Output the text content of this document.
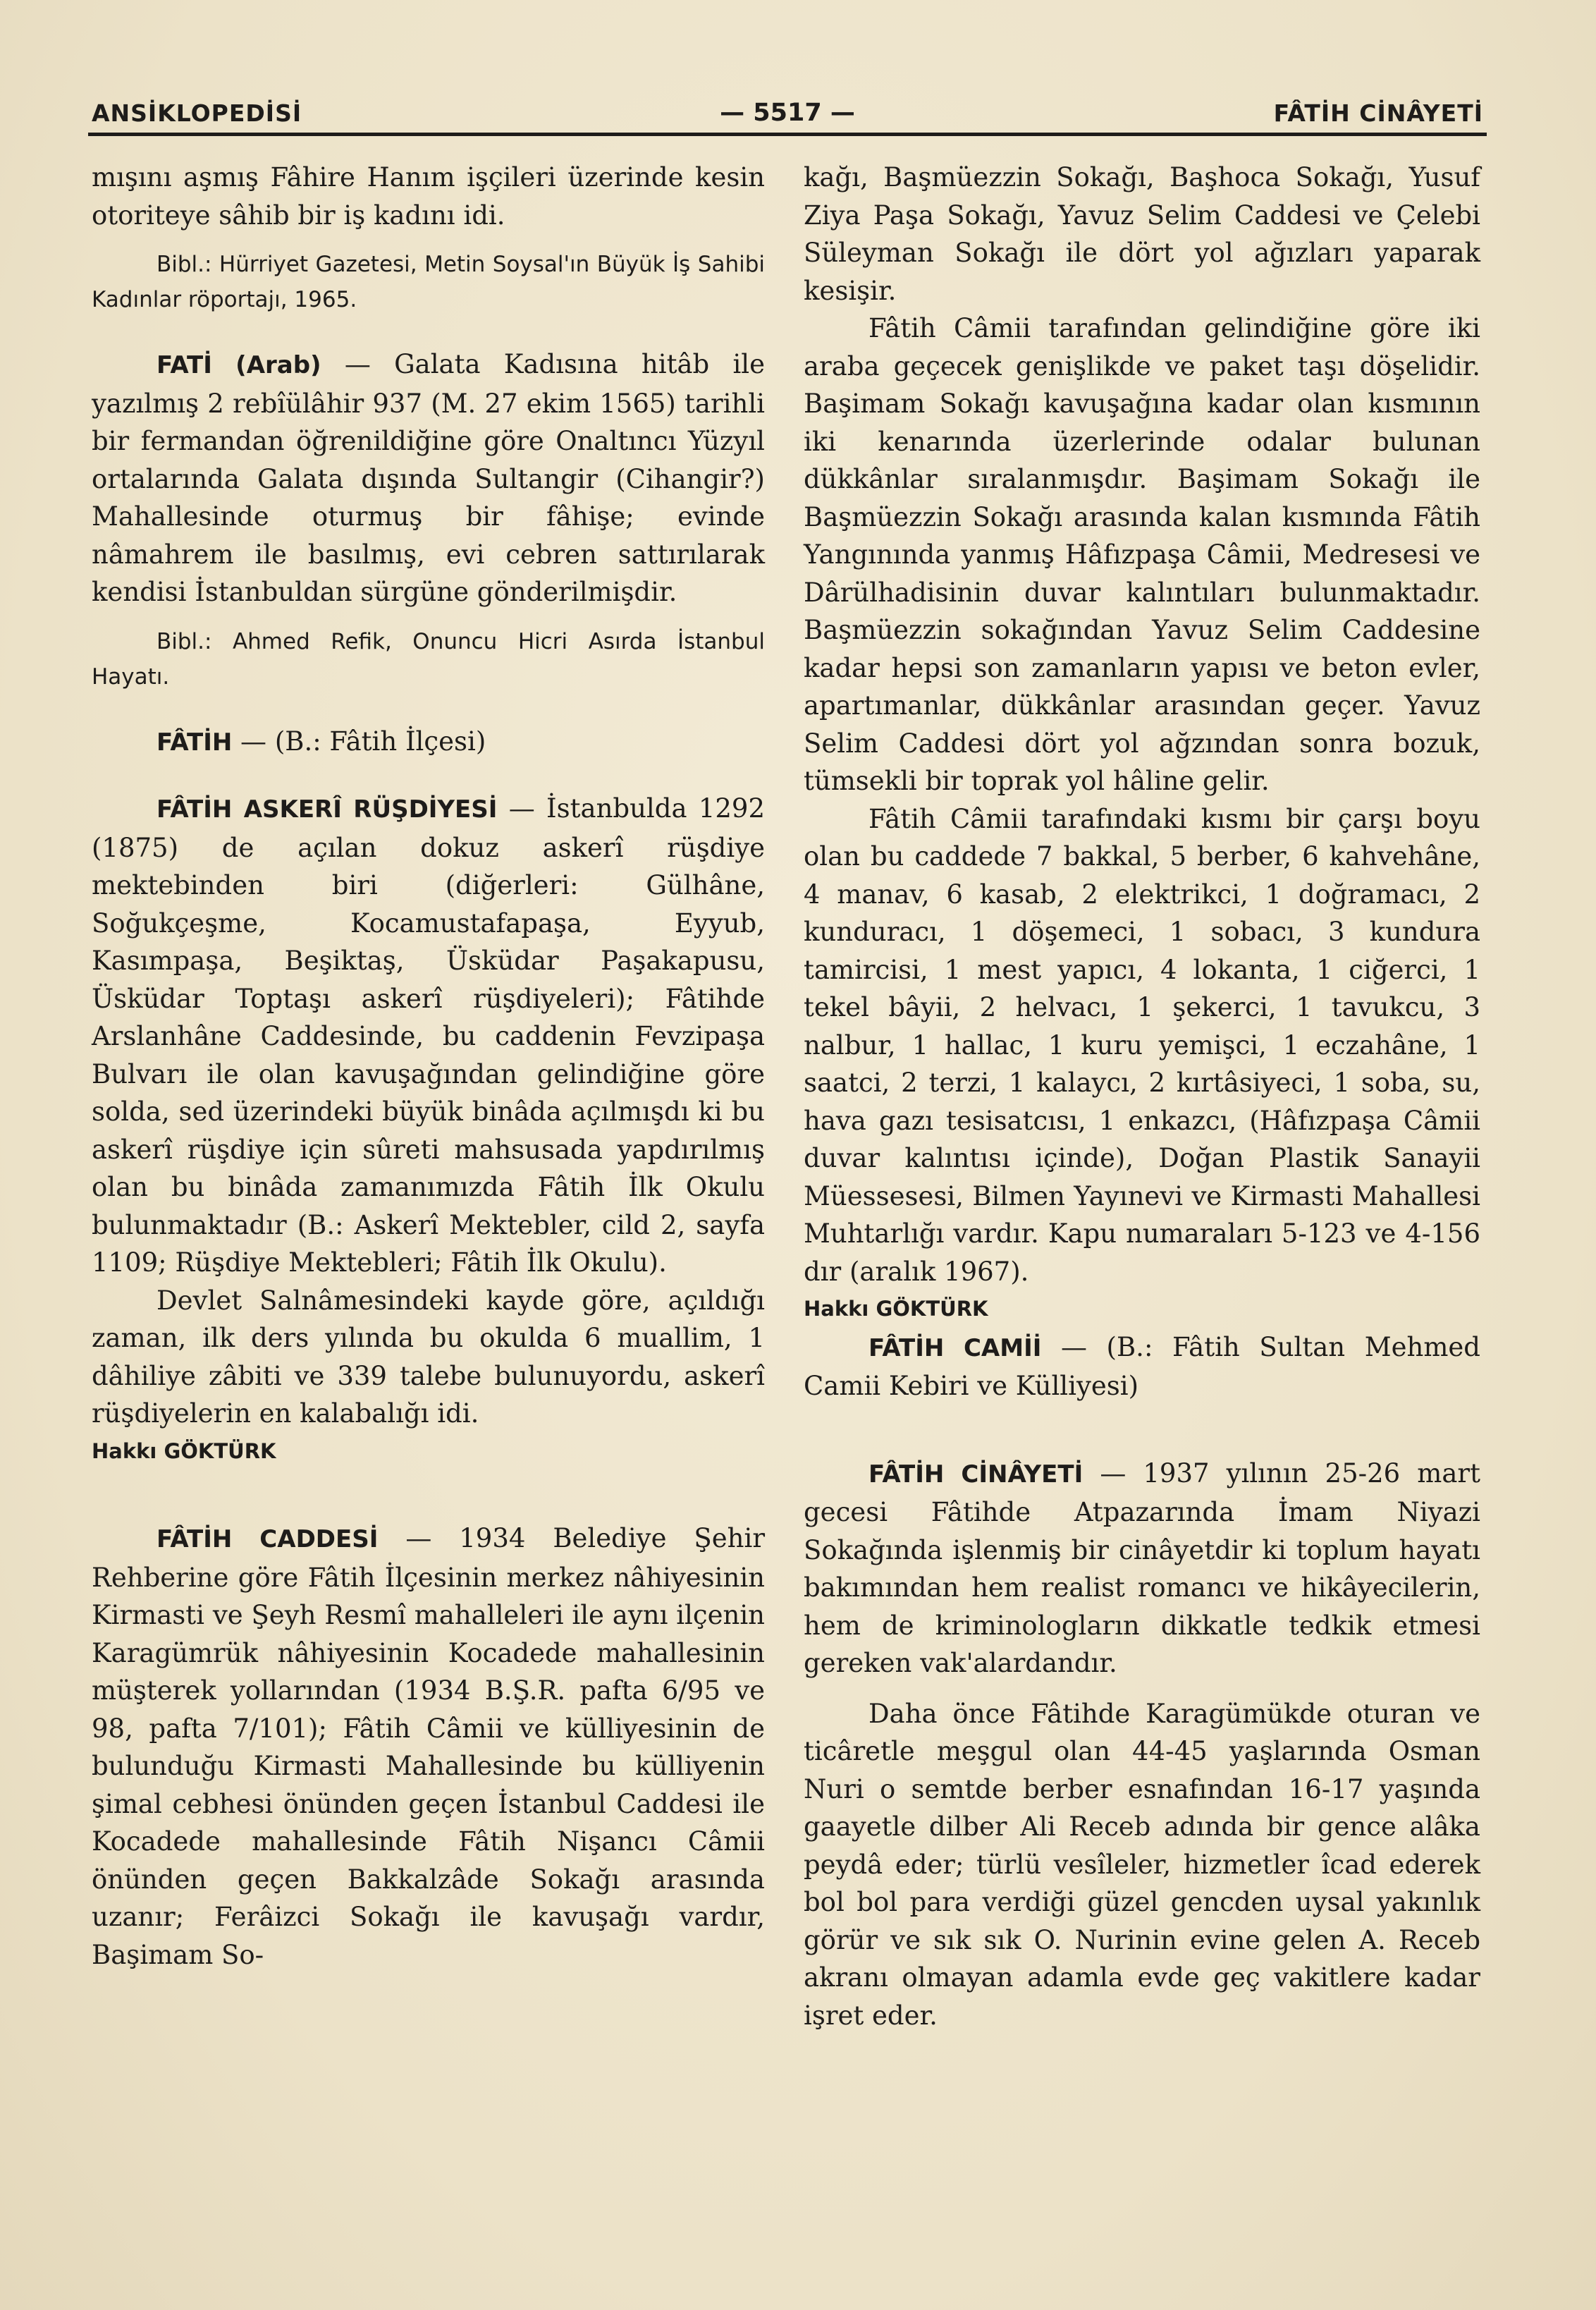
ANSİKLOPEDİSİ	— 5517 —	FÂTİH CİNÂYETİ

mışını aşmış Fâhire Hanım işçileri üzerinde kesin otoriteye sâhib bir iş kadını idi.

Bibl.: Hürriyet Gazetesi, Metin Soysal'ın Büyük İş Sahibi Kadınlar röportajı, 1965.

FATİ (Arab) — Galata Kadısına hitâb ile yazılmış 2 rebîülâhir 937 (M. 27 ekim 1565) tarihli bir fermandan öğrenildiğine göre Onaltıncı Yüzyıl ortalarında Galata dışında Sultangir (Cihangir?) Mahallesinde oturmuş bir fâhişe; evinde nâmahrem ile basılmış, evi cebren sattırılarak kendisi İstanbuldan sürgüne gönderilmişdir.

Bibl.: Ahmed Refik, Onuncu Hicri Asırda İstanbul Hayatı.

FÂTİH — (B.: Fâtih İlçesi)

FÂTİH ASKERÎ RÜŞDİYESİ — İstanbulda 1292 (1875) de açılan dokuz askerî rüşdiye mektebinden biri (diğerleri: Gülhâne, Soğukçeşme, Kocamustafapaşa, Eyyub, Kasımpaşa, Beşiktaş, Üsküdar Paşakapusu, Üsküdar Toptaşı askerî rüşdiyeleri); Fâtihde Arslanhâne Caddesinde, bu caddenin Fevzipaşa Bulvarı ile olan kavuşağından gelindiğine göre solda, sed üzerindeki büyük binâda açılmışdı ki bu askerî rüşdiye için sûreti mahsusada yapdırılmış olan bu binâda zamanımızda Fâtih İlk Okulu bulunmaktadır (B.: Askerî Mektebler, cild 2, sayfa 1109; Rüşdiye Mektebleri; Fâtih İlk Okulu).

Devlet Salnâmesindeki kayde göre, açıldığı zaman, ilk ders yılında bu okulda 6 muallim, 1 dâhiliye zâbiti ve 339 talebe bulunuyordu, askerî rüşdiyelerin en kalabalığı idi.

Hakkı GÖKTÜRK

FÂTİH CADDESİ — 1934 Belediye Şehir Rehberine göre Fâtih İlçesinin merkez nâhiyesinin Kirmasti ve Şeyh Resmî mahalleleri ile aynı ilçenin Karagümrük nâhiyesinin Kocadede mahallesinin müşterek yollarından (1934 B.Ş.R. pafta 6/95 ve 98, pafta 7/101); Fâtih Câmii ve külliyesinin de bulunduğu Kirmasti Mahallesinde bu külliyenin şimal cebhesi önünden geçen İstanbul Caddesi ile Kocadede mahallesinde Fâtih Nişancı Câmii önünden geçen Bakkalzâde Sokağı arasında uzanır; Ferâizci Sokağı ile kavuşağı vardır, Başimam So-

kağı, Başmüezzin Sokağı, Başhoca Sokağı, Yusuf Ziya Paşa Sokağı, Yavuz Selim Caddesi ve Çelebi Süleyman Sokağı ile dört yol ağızları yaparak kesişir.

Fâtih Câmii tarafından gelindiğine göre iki araba geçecek genişlikde ve paket taşı döşelidir. Başimam Sokağı kavuşağına kadar olan kısmının iki kenarında üzerlerinde odalar bulunan dükkânlar sıralanmışdır. Başimam Sokağı ile Başmüezzin Sokağı arasında kalan kısmında Fâtih Yangınında yanmış Hâfızpaşa Câmii, Medresesi ve Dârülhadisinin duvar kalıntıları bulunmaktadır. Başmüezzin sokağından Yavuz Selim Caddesine kadar hepsi son zamanların yapısı ve beton evler, apartımanlar, dükkânlar arasından geçer. Yavuz Selim Caddesi dört yol ağzından sonra bozuk, tümsekli bir toprak yol hâline gelir.

Fâtih Câmii tarafındaki kısmı bir çarşı boyu olan bu caddede 7 bakkal, 5 berber, 6 kahvehâne, 4 manav, 6 kasab, 2 elektrikci, 1 doğramacı, 2 kunduracı, 1 döşemeci, 1 sobacı, 3 kundura tamircisi, 1 mest yapıcı, 4 lokanta, 1 ciğerci, 1 tekel bâyii, 2 helvacı, 1 şekerci, 1 tavukcu, 3 nalbur, 1 hallac, 1 kuru yemişci, 1 eczahâne, 1 saatci, 2 terzi, 1 kalaycı, 2 kırtâsiyeci, 1 soba, su, hava gazı tesisatcısı, 1 enkazcı, (Hâfızpaşa Câmii duvar kalıntısı içinde), Doğan Plastik Sanayii Müessesesi, Bilmen Yayınevi ve Kirmasti Mahallesi Muhtarlığı vardır. Kapu numaraları 5-123 ve 4-156 dır (aralık 1967).

Hakkı GÖKTÜRK

FÂTİH CAMİİ — (B.: Fâtih Sultan Mehmed Camii Kebiri ve Külliyesi)

FÂTİH CİNÂYETİ — 1937 yılının 25-26 mart gecesi Fâtihde Atpazarında İmam Niyazi Sokağında işlenmiş bir cinâyetdir ki toplum hayatı bakımından hem realist romancı ve hikâyecilerin, hem de kriminologların dikkatle tedkik etmesi gereken vak'alardandır.

Daha önce Fâtihde Karagümükde oturan ve ticâretle meşgul olan 44-45 yaşlarında Osman Nuri o semtde berber esnafından 16-17 yaşında gaayetle dilber Ali Receb adında bir gence alâka peydâ eder; türlü vesîleler, hizmetler îcad ederek bol bol para verdiği güzel gencden uysal yakınlık görür ve sık sık O. Nurinin evine gelen A. Receb akranı olmayan adamla evde geç vakitlere kadar işret eder.
